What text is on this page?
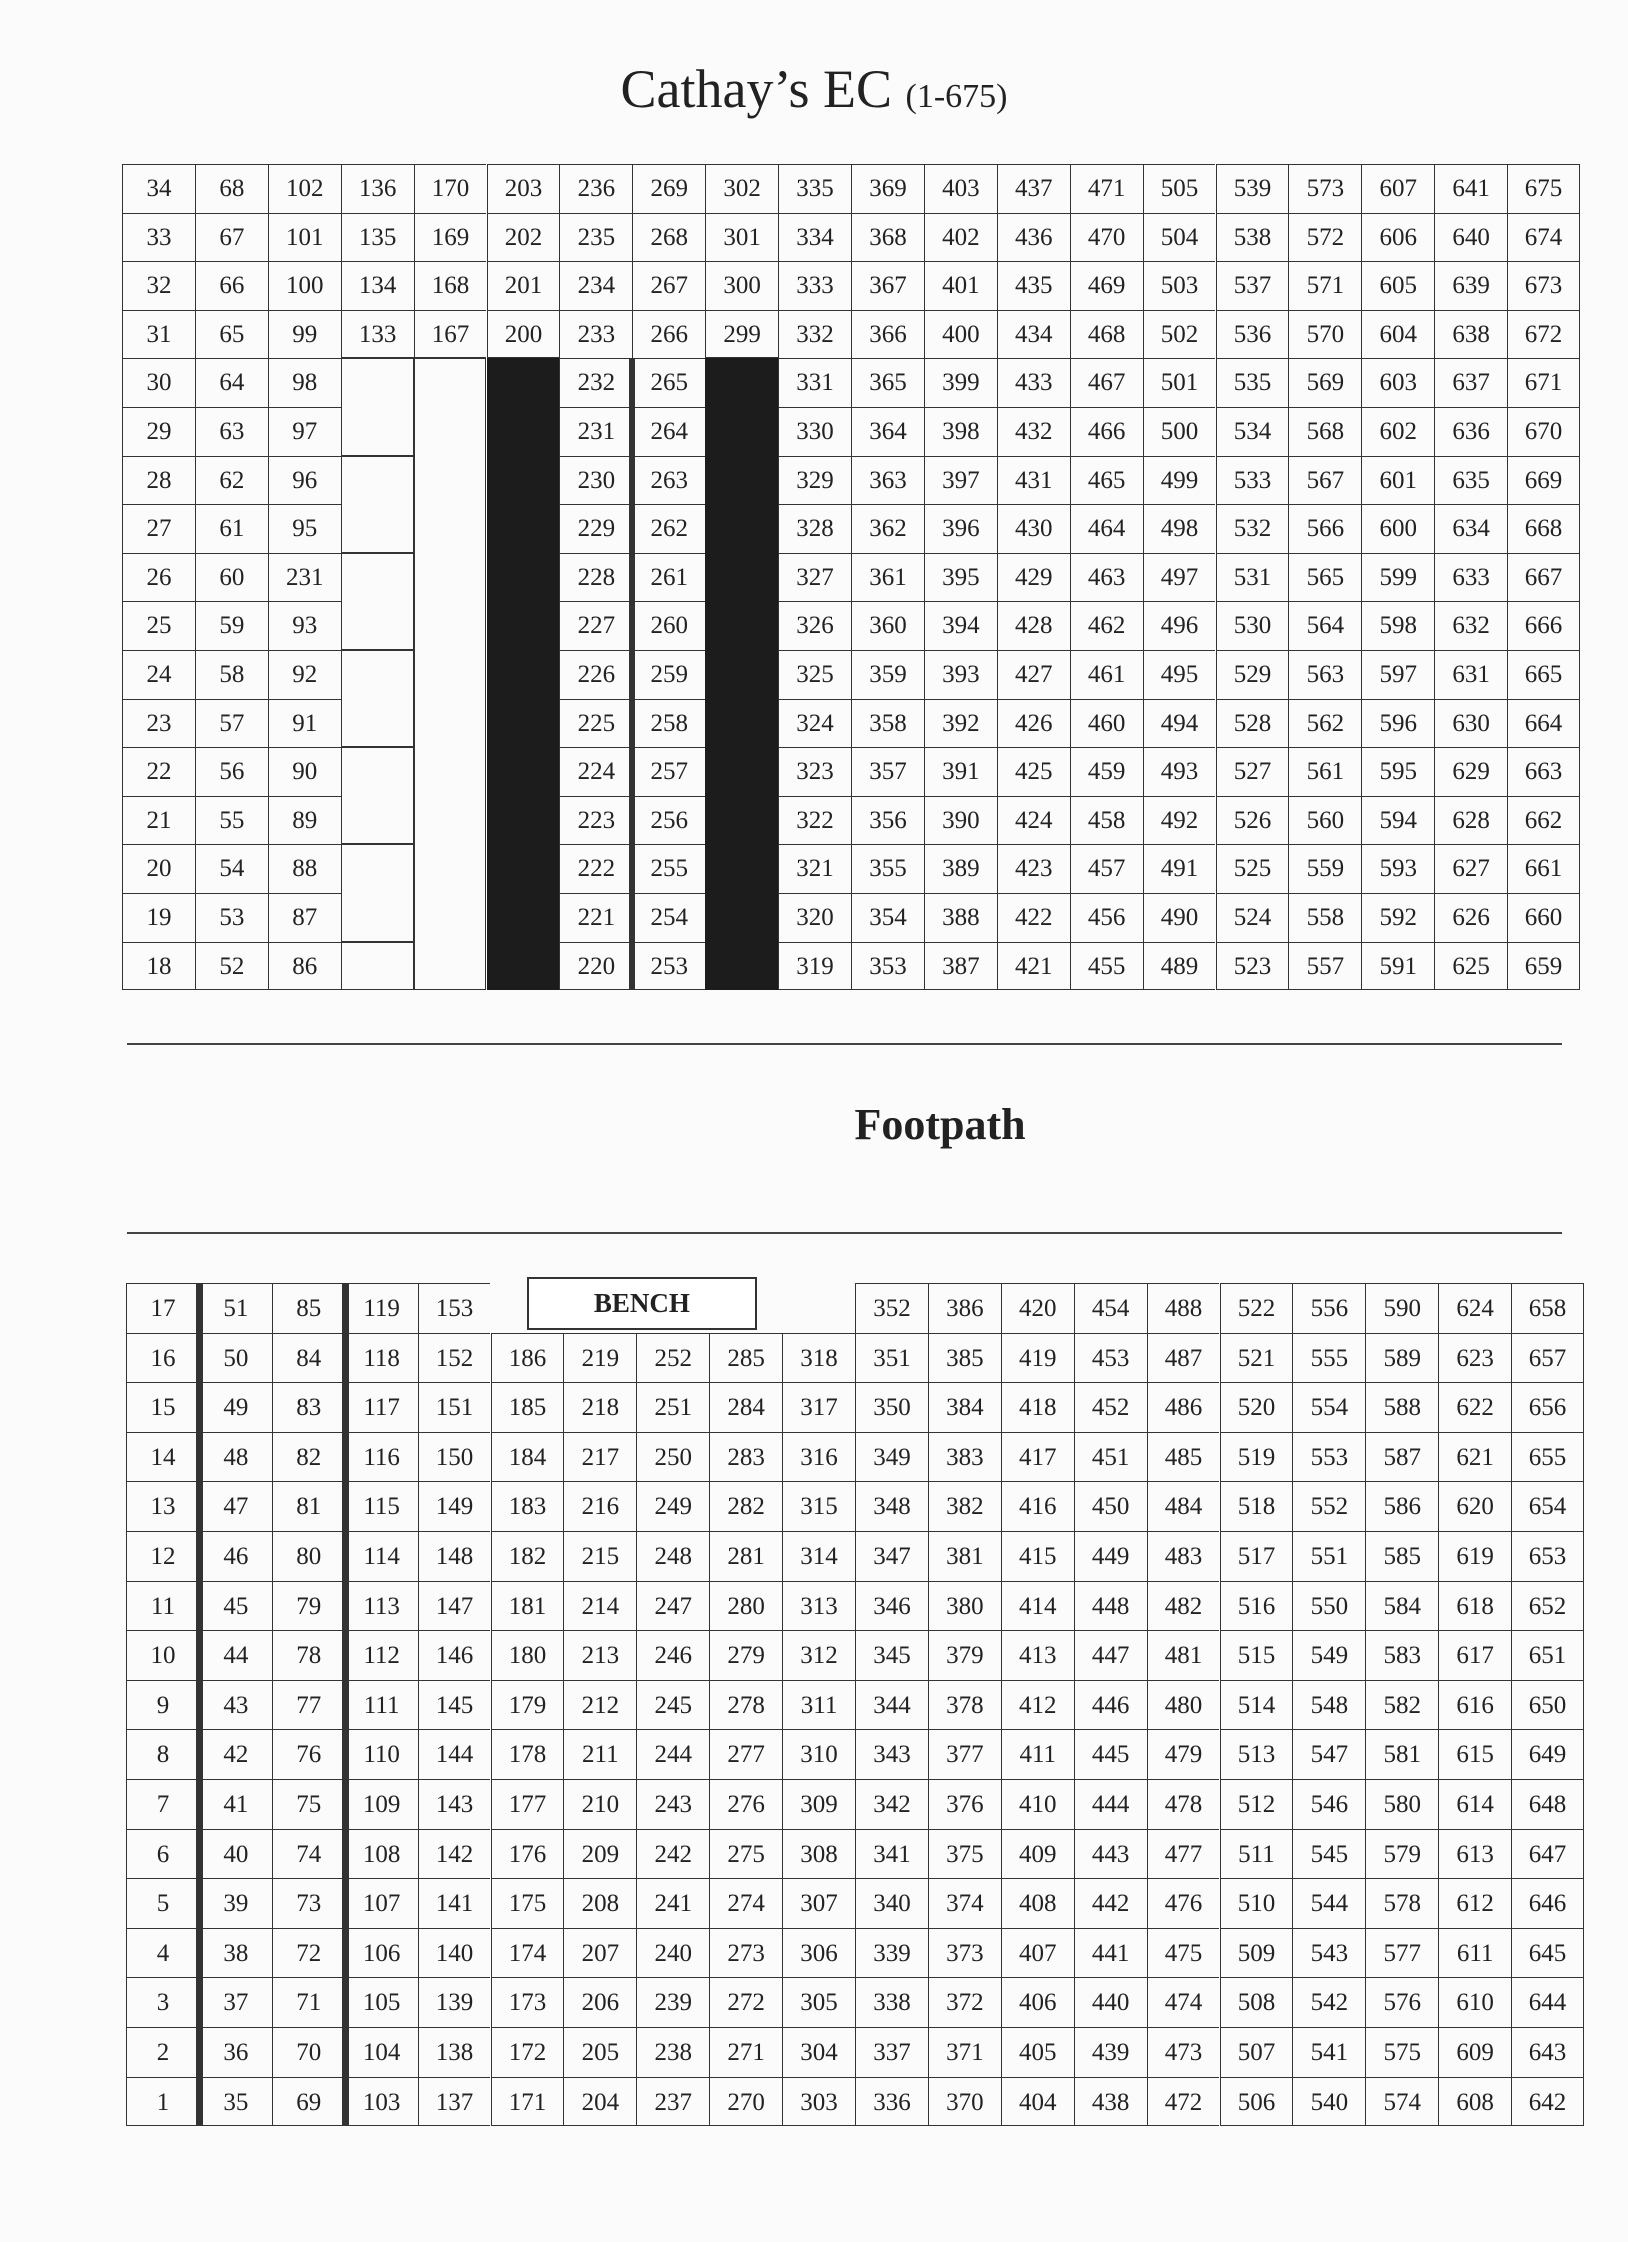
Cathay’s EC (1-675)
Footpath
34
33
32
31
30
29
28
27
26
25
24
23
22
21
20
19
18
68
67
66
65
64
63
62
61
60
59
58
57
56
55
54
53
52
102
101
100
99
98
97
96
95
231
93
92
91
90
89
88
87
86
136
135
134
133
170
169
168
167
203
202
201
200
236
235
234
233
232
231
230
229
228
227
226
225
224
223
222
221
220
269
268
267
266
265
264
263
262
261
260
259
258
257
256
255
254
253
302
301
300
299
335
334
333
332
331
330
329
328
327
326
325
324
323
322
321
320
319
369
368
367
366
365
364
363
362
361
360
359
358
357
356
355
354
353
403
402
401
400
399
398
397
396
395
394
393
392
391
390
389
388
387
437
436
435
434
433
432
431
430
429
428
427
426
425
424
423
422
421
471
470
469
468
467
466
465
464
463
462
461
460
459
458
457
456
455
505
504
503
502
501
500
499
498
497
496
495
494
493
492
491
490
489
539
538
537
536
535
534
533
532
531
530
529
528
527
526
525
524
523
573
572
571
570
569
568
567
566
565
564
563
562
561
560
559
558
557
607
606
605
604
603
602
601
600
599
598
597
596
595
594
593
592
591
641
640
639
638
637
636
635
634
633
632
631
630
629
628
627
626
625
675
674
673
672
671
670
669
668
667
666
665
664
663
662
661
660
659
17
16
15
14
13
12
11
10
9
8
7
6
5
4
3
2
1
51
50
49
48
47
46
45
44
43
42
41
40
39
38
37
36
35
85
84
83
82
81
80
79
78
77
76
75
74
73
72
71
70
69
119
118
117
116
115
114
113
112
111
110
109
108
107
106
105
104
103
153
152
151
150
149
148
147
146
145
144
143
142
141
140
139
138
137
186
185
184
183
182
181
180
179
178
177
176
175
174
173
172
171
219
218
217
216
215
214
213
212
211
210
209
208
207
206
205
204
252
251
250
249
248
247
246
245
244
243
242
241
240
239
238
237
285
284
283
282
281
280
279
278
277
276
275
274
273
272
271
270
318
317
316
315
314
313
312
311
310
309
308
307
306
305
304
303
352
351
350
349
348
347
346
345
344
343
342
341
340
339
338
337
336
386
385
384
383
382
381
380
379
378
377
376
375
374
373
372
371
370
420
419
418
417
416
415
414
413
412
411
410
409
408
407
406
405
404
454
453
452
451
450
449
448
447
446
445
444
443
442
441
440
439
438
488
487
486
485
484
483
482
481
480
479
478
477
476
475
474
473
472
522
521
520
519
518
517
516
515
514
513
512
511
510
509
508
507
506
556
555
554
553
552
551
550
549
548
547
546
545
544
543
542
541
540
590
589
588
587
586
585
584
583
582
581
580
579
578
577
576
575
574
624
623
622
621
620
619
618
617
616
615
614
613
612
611
610
609
608
658
657
656
655
654
653
652
651
650
649
648
647
646
645
644
643
642
BENCH
